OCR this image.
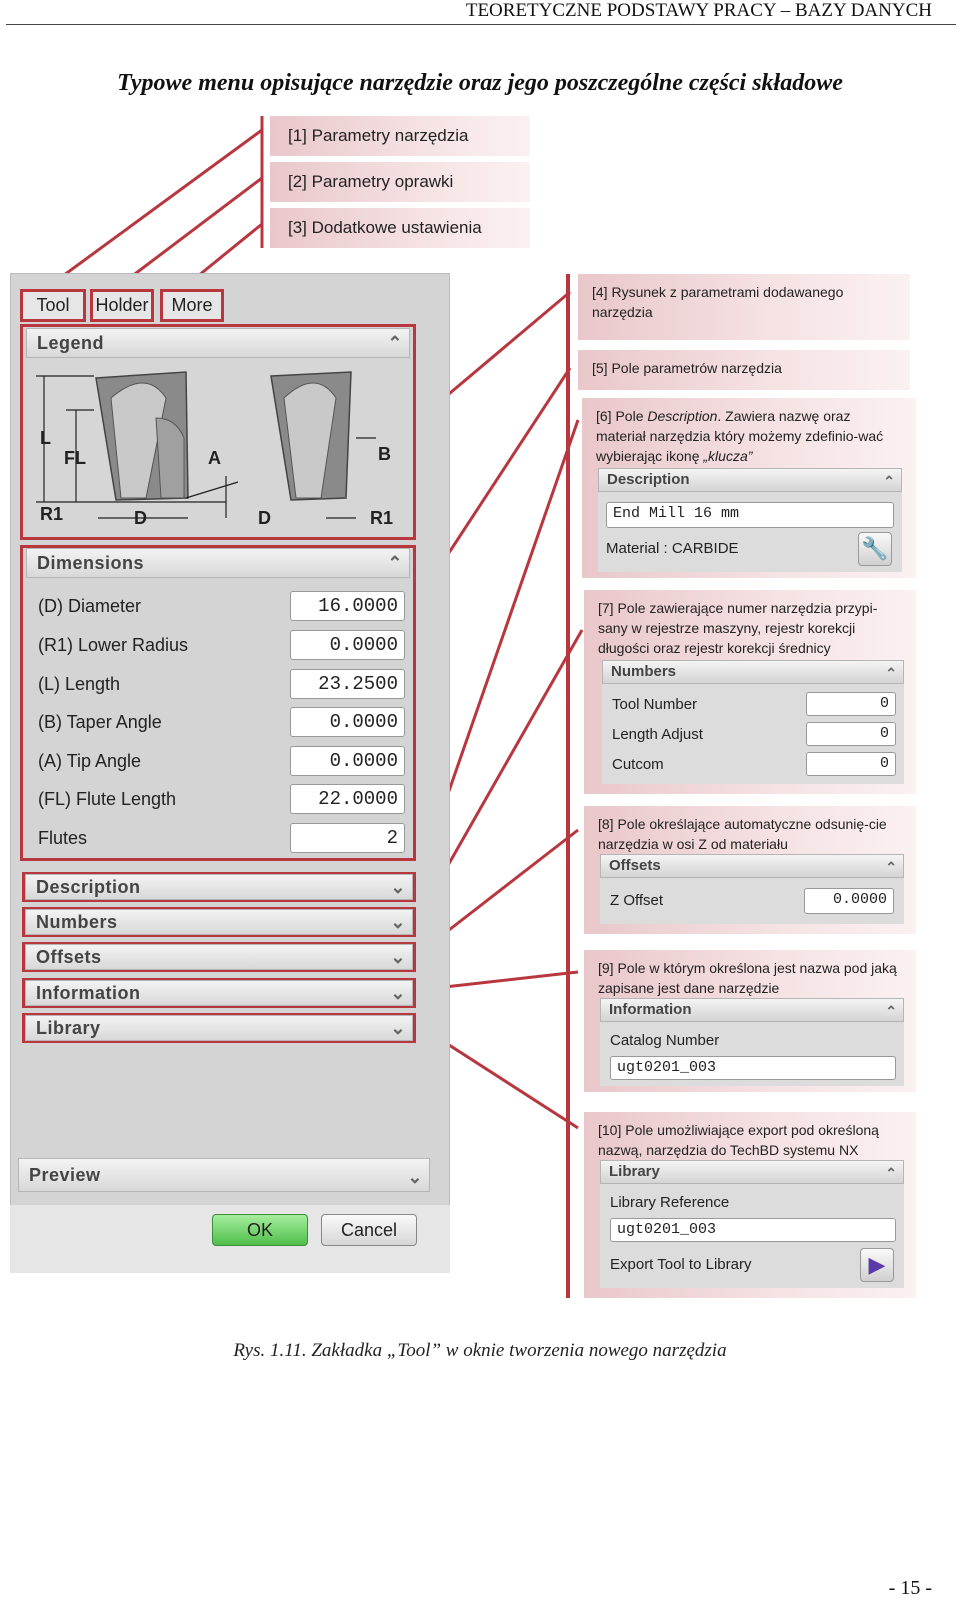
TEORETYCZNE PODSTAWY PRACY – BAZY DANYCH
Typowe menu opisujące narzędzie oraz jego poszczególne części składowe
[1] Parametry narzędzia
[2] Parametry oprawki
[3] Dodatkowe ustawienia
Tool	Holder	More
Legend	⌃
L
FL	A	B
R1	D	D	R1
Dimensions	⌃
(D) Diameter	16.0000
(R1) Lower Radius	0.0000
(L) Length	23.2500
(B) Taper Angle	0.0000
(A) Tip Angle	0.0000
(FL) Flute Length	22.0000
Flutes	2
Description	⌄
Numbers	⌄
Offsets	⌄
Information	⌄
Library	⌄
Preview	⌄
OK	Cancel
[4] Rysunek z parametrami dodawanego narzędzia
[5] Pole parametrów narzędzia
[6] Pole Description. Zawiera nazwę oraz materiał narzędzia który możemy zdefinio-wać wybierając ikonę „klucza”
Description	⌃
End Mill 16 mm
Material : CARBIDE	🔧
[7] Pole zawierające numer narzędzia przypi-sany w rejestrze maszyny, rejestr korekcji długości oraz rejestr korekcji średnicy
Numbers	⌃
Tool Number	0
Length Adjust	0
Cutcom	0
[8] Pole określające automatyczne odsunię-cie narzędzia w osi Z od materiału
Offsets	⌃
Z Offset	0.0000
[9] Pole w którym określona jest nazwa pod jaką zapisane jest dane narzędzie
Information	⌃
Catalog Number
ugt0201_003
[10] Pole umożliwiające export pod określoną nazwą, narzędzia do TechBD systemu NX
Library	⌃
Library Reference
ugt0201_003
Export Tool to Library	▶
Rys. 1.11. Zakładka „Tool” w oknie tworzenia nowego narzędzia
- 15 -
